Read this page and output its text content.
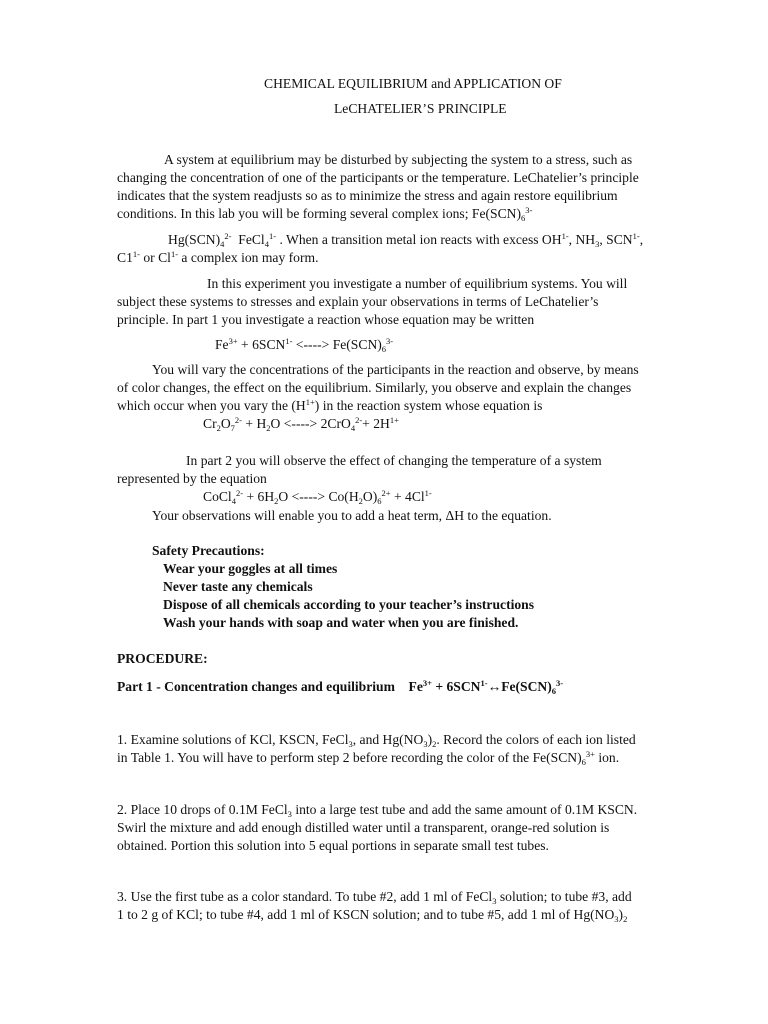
CHEMICAL EQUILIBRIUM and APPLICATION OF
LeCHATELIER’S PRINCIPLE
A system at equilibrium may be disturbed by subjecting the system to a stress, such as
changing the concentration of one of the participants or the temperature. LeChatelier’s principle
indicates that the system readjusts so as to minimize the stress and again restore equilibrium
conditions. In this lab you will be forming several complex ions; $Fe(SCN)_6^{3-}$
$Hg(SCN)_4^{2-}$ FeCl$_4^{1-}$ . When a transition metal ion reacts with excess $OH^{1-}$, $NH_3$, $SCN^{1-}$,
$C1^{1-}$ or $Cl^{1-}$ a complex ion may form.
In this experiment you investigate a number of equilibrium systems. You will
subject these systems to stresses and explain your observations in terms of LeChatelier’s
principle. In part 1 you investigate a reaction whose equation may be written
$Fe^{3+} + 6SCN^{1-}$ <----> $Fe(SCN)_6^{3-}$
You will vary the concentrations of the participants in the reaction and observe, by means
of color changes, the effect on the equilibrium. Similarly, you observe and explain the changes
which occur when you vary the $(H^{1+})$ in the reaction system whose equation is
$Cr_2O_7^{2-} + H_2O$ <----> $2CrO_4^{2-}+ 2H^{1+}$
In part 2 you will observe the effect of changing the temperature of a system
represented by the equation
CoCl$_4^{2-}$ + $6H_2O$ <----> $Co(H_2O)_6^{2+} + 4Cl^{1-}$
Your observations will enable you to add a heat term, ΔH to the equation.
Safety Precautions:
Wear your goggles at all times
Never taste any chemicals
Dispose of all chemicals according to your teacher’s instructions
Wash your hands with soap and water when you are finished.
PROCEDURE:
Part 1 - Concentration changes and equilibrium $Fe^{3+}$ + $6SCN^{1-}\leftrightarrow Fe(SCN)_6^{3-}$
1. Examine solutions of KCl, KSCN, FeCl$_3$, and $Hg(NO_3)_2$. Record the colors of each ion listed
in Table 1. You will have to perform step 2 before recording the color of the $Fe(SCN)_6^{3+}$ ion.
2. Place 10 drops of 0.1M FeCl$_3$ into a large test tube and add the same amount of 0.1M KSCN.
Swirl the mixture and add enough distilled water until a transparent, orange-red solution is
obtained. Portion this solution into 5 equal portions in separate small test tubes.
3. Use the first tube as a color standard. To tube #2, add 1 ml of FeCl$_3$ solution; to tube #3, add
1 to 2 g of KCl; to tube #4, add 1 ml of KSCN solution; and to tube #5, add 1 ml of $Hg(NO_3)_2$
